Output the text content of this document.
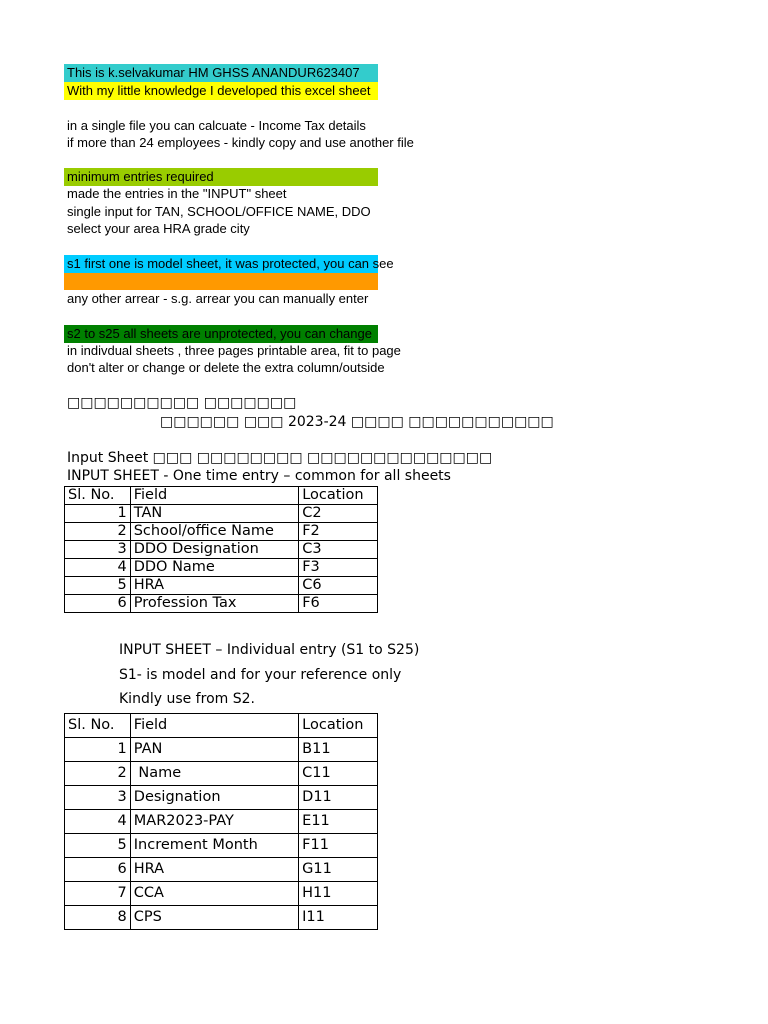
This is k.selvakumar HM GHSS ANANDUR623407
With my little knowledge I developed this excel sheet
in a single file you can calcuate - Income Tax details
if more than 24 employees - kindly copy and use another file
minimum entries required
made the entries in the "INPUT" sheet
single input for TAN, SCHOOL/OFFICE NAME, DDO
select your area HRA grade city
s1 first one is model sheet, it was protected, you can see
any other arrear - s.g. arrear you can manually enter
s2 to s25 all sheets are unprotected, you can change
in indivdual sheets , three pages printable area, fit to page
don't alter or change or delete the extra column/outside
□□□□□□□□□□ □□□□□□□
□□□□□□ □□□ 2023-24 □□□□ □□□□□□□□□□□
Input Sheet □□□ □□□□□□□□ □□□□□□□□□□□□□□
INPUT SHEET - One time entry – common for all sheets
Sl. No.	Field	Location
1	TAN	C2
2	School/office Name	F2
3	DDO Designation	C3
4	DDO Name	F3
5	HRA	C6
6	Profession Tax	F6
INPUT SHEET – Individual entry (S1 to S25)
S1- is model and for your reference only
Kindly use from S2.
Sl. No.	Field	Location
1	PAN	B11
2	Name	C11
3	Designation	D11
4	MAR2023-PAY	E11
5	Increment Month	F11
6	HRA	G11
7	CCA	H11
8	CPS	I11
